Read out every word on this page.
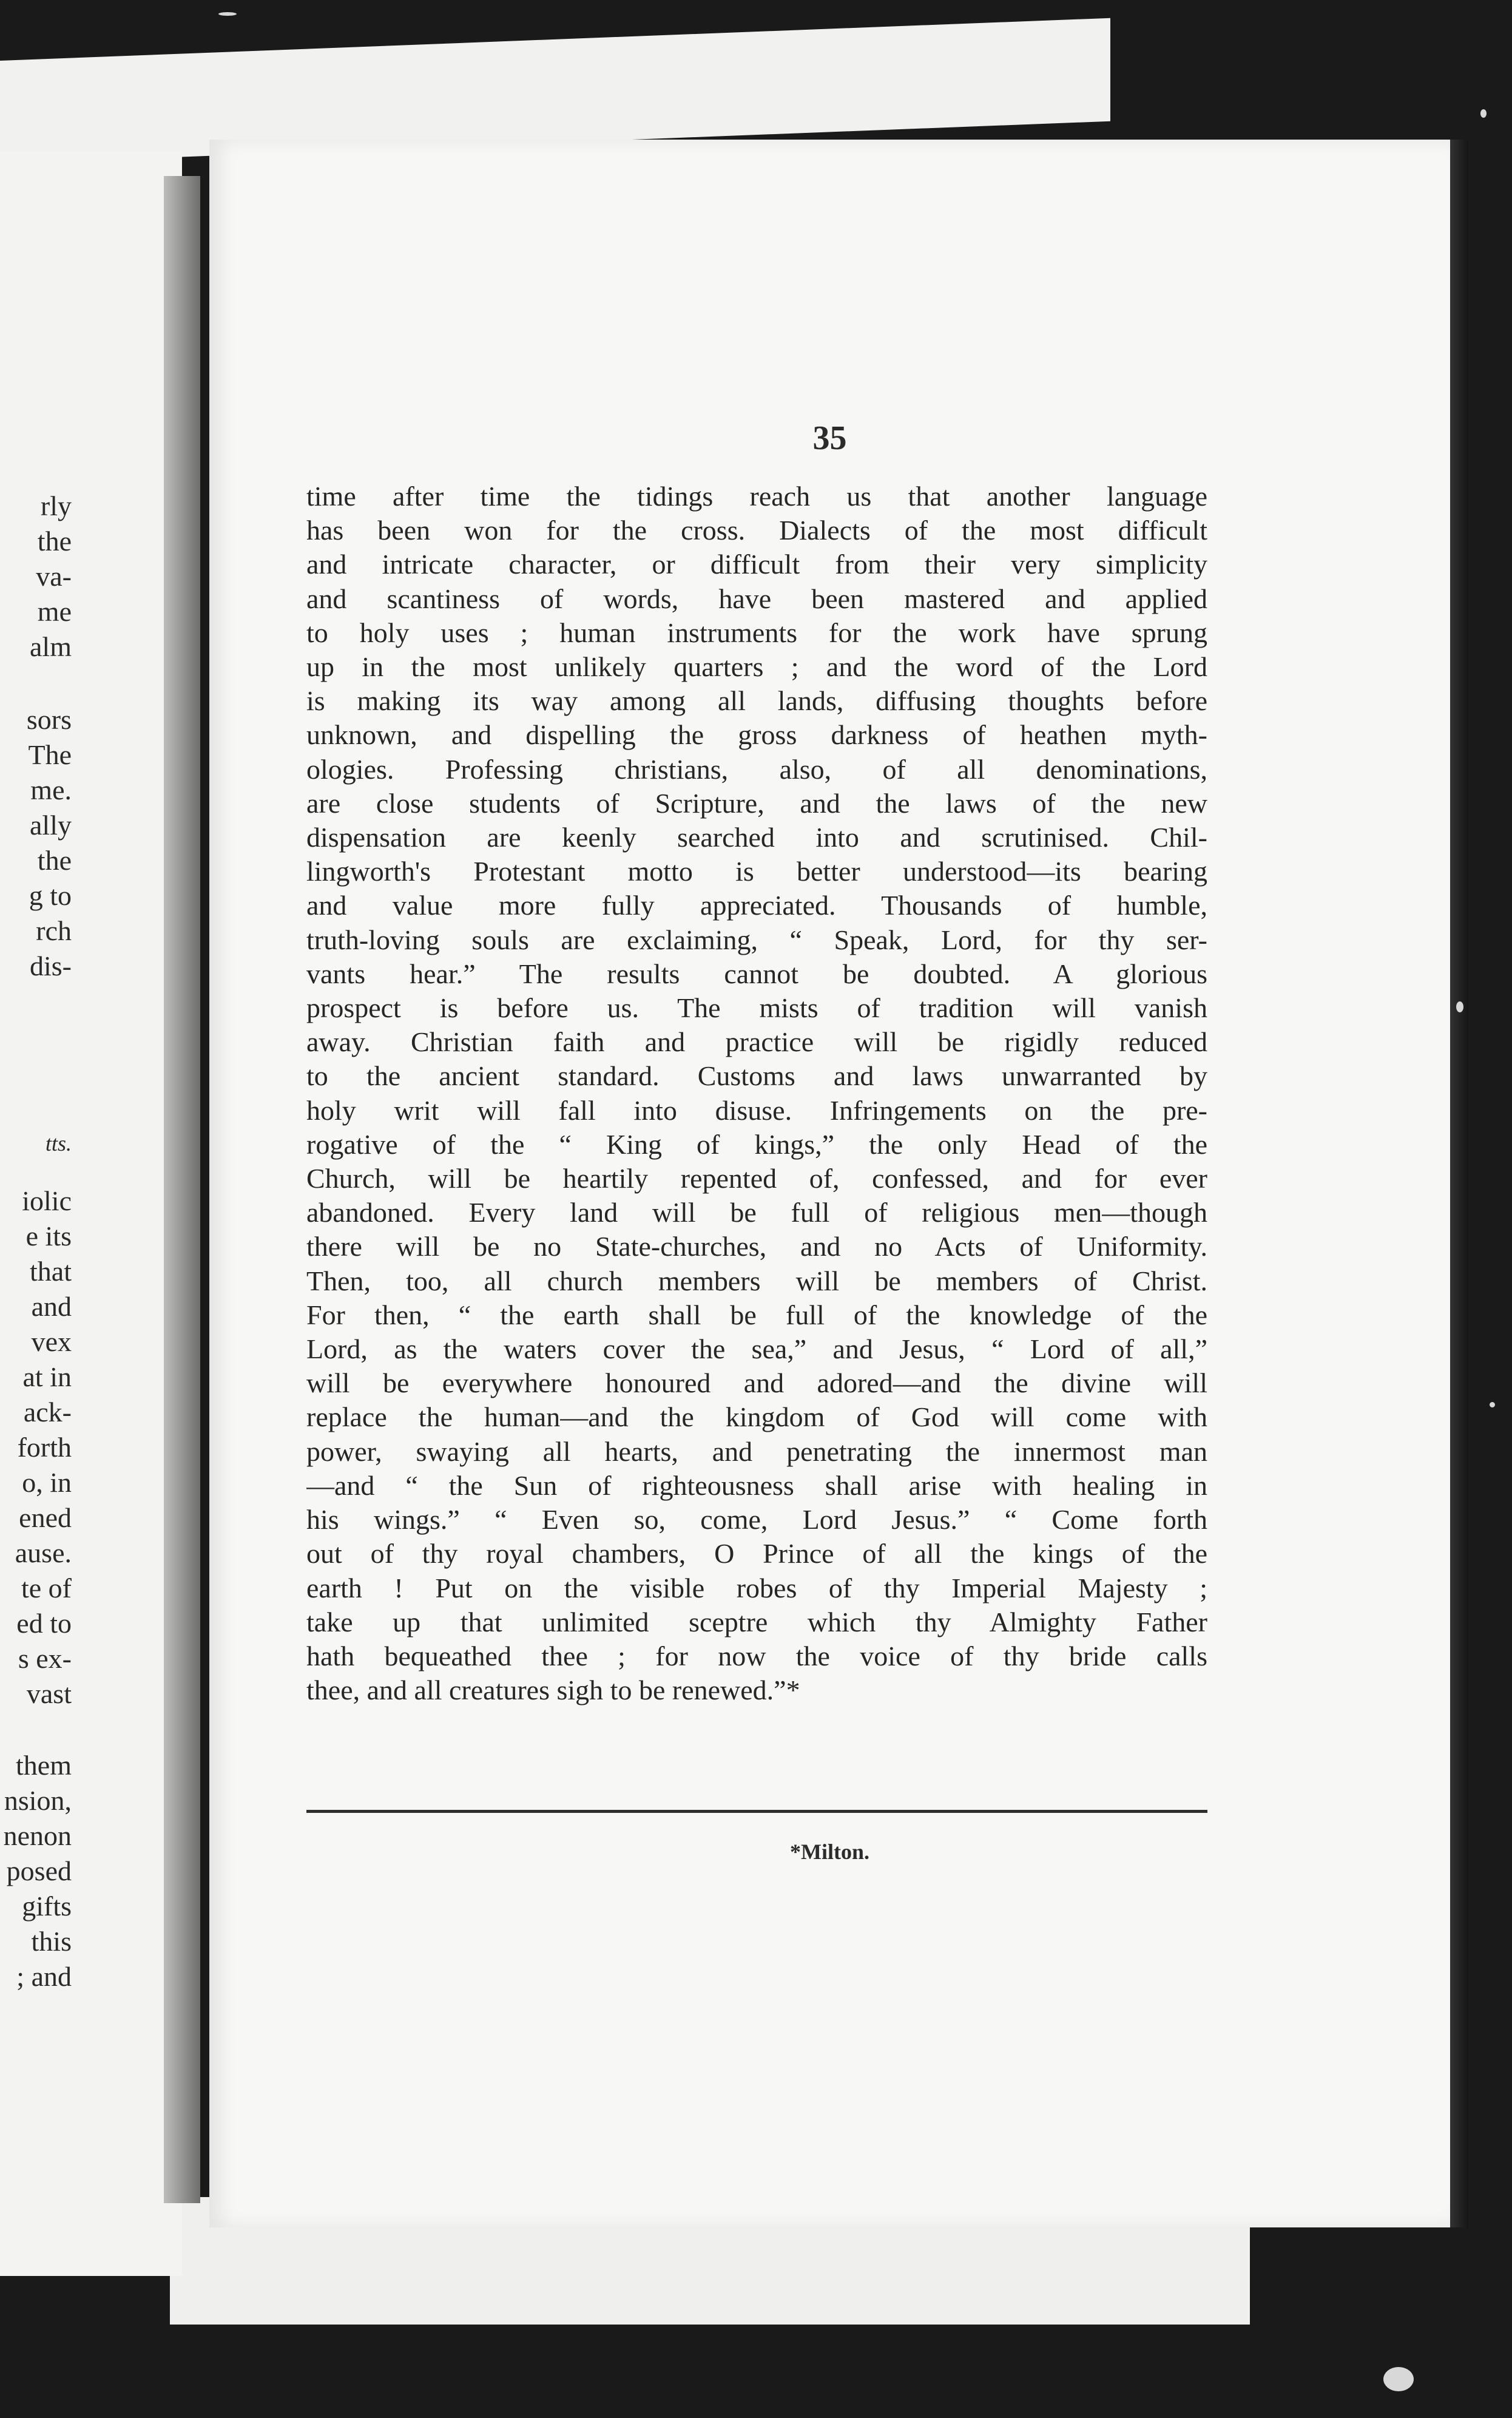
rly
the
va-
me
alm
sors
The
me.
ally
the
g to
rch
dis-
tts.
iolic
e its
that
and
vex
at in
ack-
forth
o, in
ened
ause.
te of
ed to
s ex-
vast
them
nsion,
nenon
posed
gifts
this
; and
35
time after time the tidings reach us that another language
has been won for the cross. Dialects of the most difficult
and intricate character, or difficult from their very simplicity
and scantiness of words, have been mastered and applied
to holy uses ; human instruments for the work have sprung
up in the most unlikely quarters ; and the word of the Lord
is making its way among all lands, diffusing thoughts before
unknown, and dispelling the gross darkness of heathen myth-
ologies. Professing christians, also, of all denominations,
are close students of Scripture, and the laws of the new
dispensation are keenly searched into and scrutinised. Chil-
lingworth's Protestant motto is better understood—its bearing
and value more fully appreciated. Thousands of humble,
truth-loving souls are exclaiming, “ Speak, Lord, for thy ser-
vants hear.” The results cannot be doubted. A glorious
prospect is before us. The mists of tradition will vanish
away. Christian faith and practice will be rigidly reduced
to the ancient standard. Customs and laws unwarranted by
holy writ will fall into disuse. Infringements on the pre-
rogative of the “ King of kings,” the only Head of the
Church, will be heartily repented of, confessed, and for ever
abandoned. Every land will be full of religious men—though
there will be no State-churches, and no Acts of Uniformity.
Then, too, all church members will be members of Christ.
For then, “ the earth shall be full of the knowledge of the
Lord, as the waters cover the sea,” and Jesus, “ Lord of all,”
will be everywhere honoured and adored—and the divine will
replace the human—and the kingdom of God will come with
power, swaying all hearts, and penetrating the innermost man
—and “ the Sun of righteousness shall arise with healing in
his wings.” “ Even so, come, Lord Jesus.” “ Come forth
out of thy royal chambers, O Prince of all the kings of the
earth ! Put on the visible robes of thy Imperial Majesty ;
take up that unlimited sceptre which thy Almighty Father
hath bequeathed thee ; for now the voice of thy bride calls
thee, and all creatures sigh to be renewed.”*
*Milton.
